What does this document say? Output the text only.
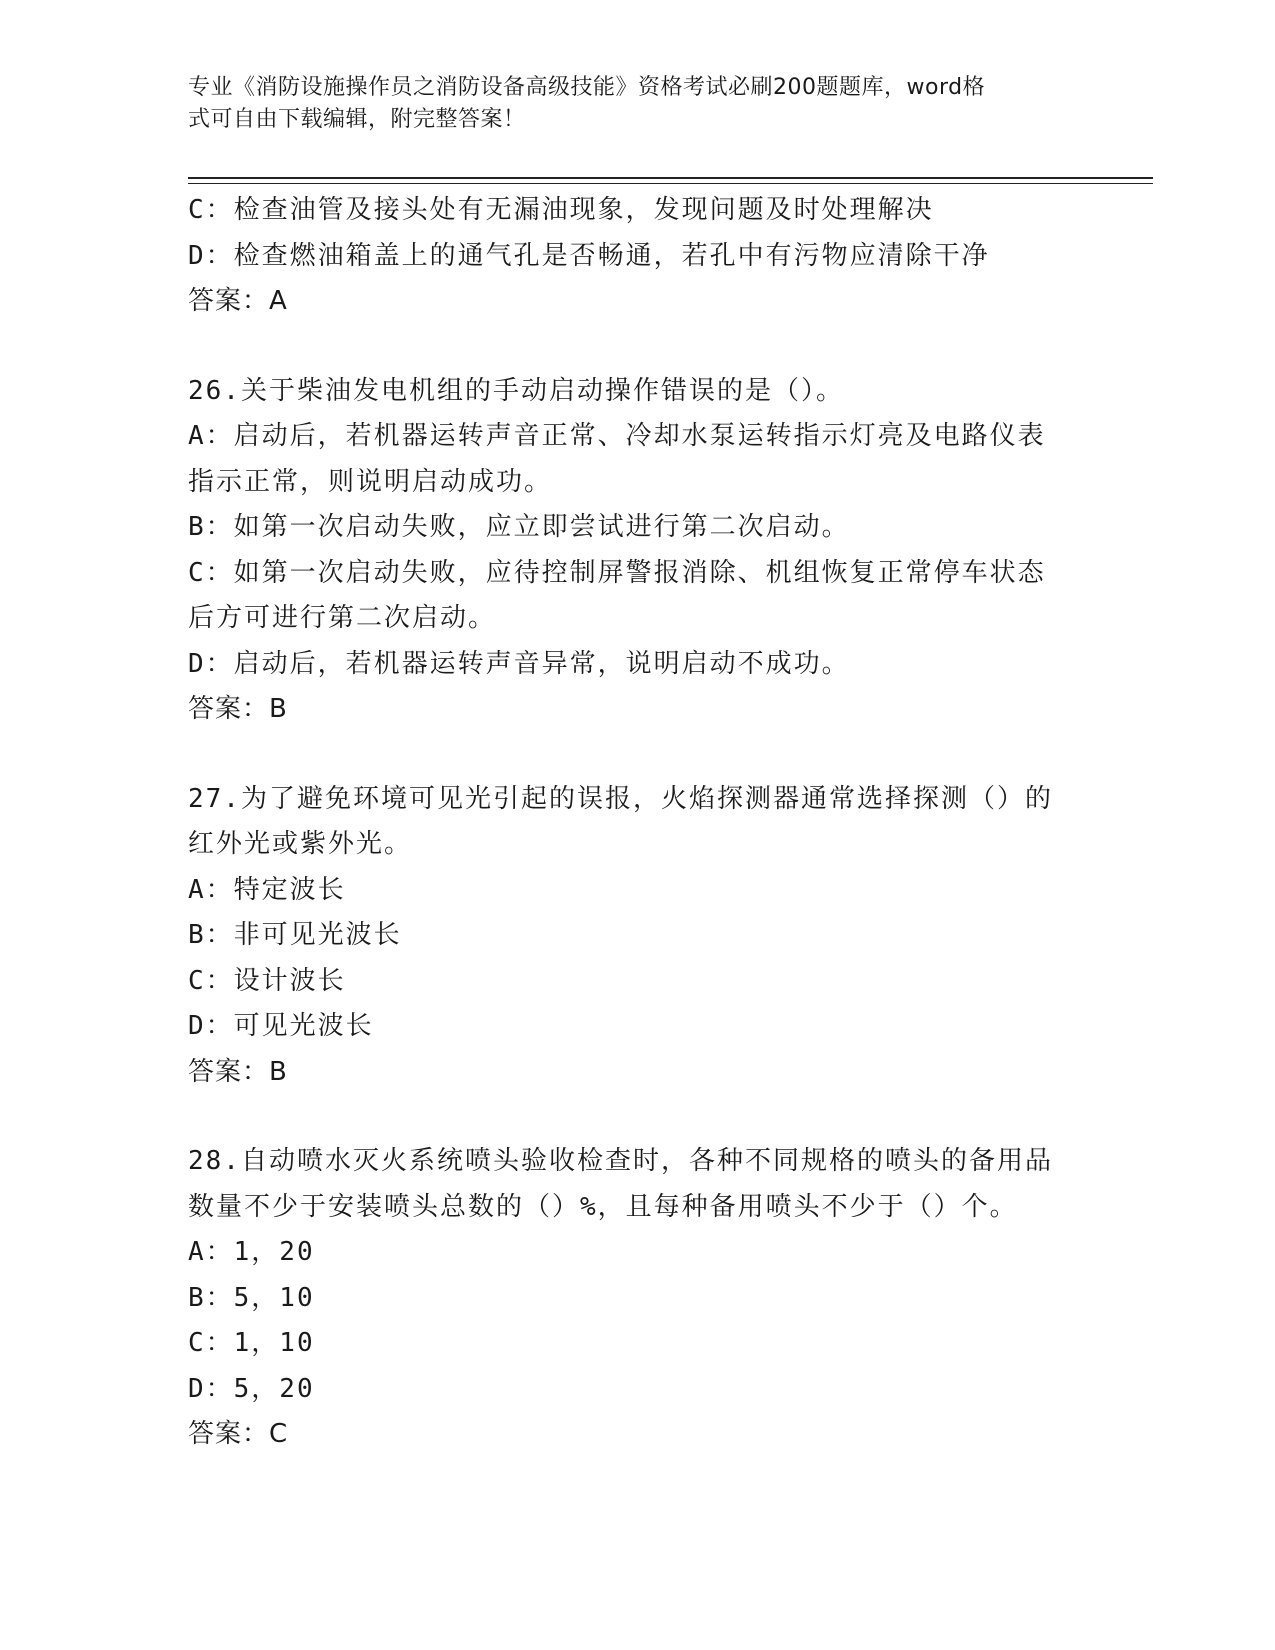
专业《消防设施操作员之消防设备高级技能》资格考试必刷200题题库，word格
式可自由下载编辑，附完整答案！
C：检查油管及接头处有无漏油现象，发现问题及时处理解决
D：检查燃油箱盖上的通气孔是否畅通，若孔中有污物应清除干净
答案：A
26.关于柴油发电机组的手动启动操作错误的是（）。
A：启动后，若机器运转声音正常、冷却水泵运转指示灯亮及电路仪表
指示正常，则说明启动成功。
B：如第一次启动失败，应立即尝试进行第二次启动。
C：如第一次启动失败，应待控制屏警报消除、机组恢复正常停车状态
后方可进行第二次启动。
D：启动后，若机器运转声音异常，说明启动不成功。
答案：B
27.为了避免环境可见光引起的误报，火焰探测器通常选择探测（）的
红外光或紫外光。
A：特定波长
B：非可见光波长
C：设计波长
D：可见光波长
答案：B
28.自动喷水灭火系统喷头验收检查时，各种不同规格的喷头的备用品
数量不少于安装喷头总数的（）%，且每种备用喷头不少于（）个。
A：1，20
B：5，10
C：1，10
D：5，20
答案：C
